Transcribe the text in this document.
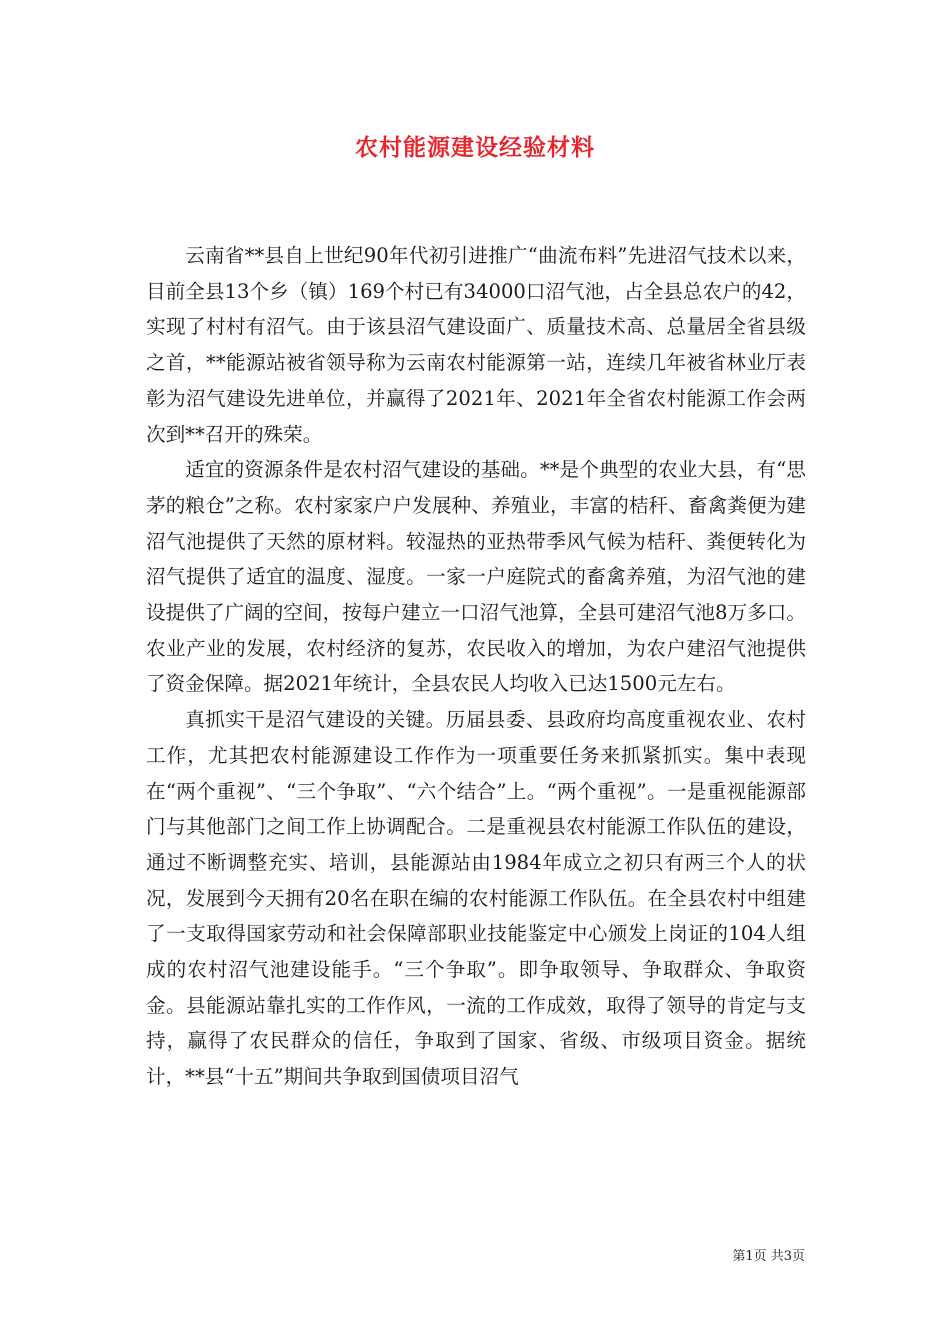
农村能源建设经验材料

云南省**县自上世纪90年代初引进推广“曲流布料”先进沼气技术以来，目前全县13个乡（镇）169个村已有34000口沼气池，占全县总农户的42，实现了村村有沼气。由于该县沼气建设面广、质量技术高、总量居全省县级之首，**能源站被省领导称为云南农村能源第一站，连续几年被省林业厅表彰为沼气建设先进单位，并赢得了2021年、2021年全省农村能源工作会两次到**召开的殊荣。

适宜的资源条件是农村沼气建设的基础。**是个典型的农业大县，有“思茅的粮仓”之称。农村家家户户发展种、养殖业，丰富的桔秆、畜禽粪便为建沼气池提供了天然的原材料。较湿热的亚热带季风气候为桔秆、粪便转化为沼气提供了适宜的温度、湿度。一家一户庭院式的畜禽养殖，为沼气池的建设提供了广阔的空间，按每户建立一口沼气池算，全县可建沼气池8万多口。农业产业的发展，农村经济的复苏，农民收入的增加，为农户建沼气池提供了资金保障。据2021年统计，全县农民人均收入已达1500元左右。

真抓实干是沼气建设的关键。历届县委、县政府均高度重视农业、农村工作，尤其把农村能源建设工作作为一项重要任务来抓紧抓实。集中表现在“两个重视”、“三个争取”、“六个结合”上。“两个重视”。一是重视能源部门与其他部门之间工作上协调配合。二是重视县农村能源工作队伍的建设，通过不断调整充实、培训，县能源站由1984年成立之初只有两三个人的状况，发展到今天拥有20名在职在编的农村能源工作队伍。在全县农村中组建了一支取得国家劳动和社会保障部职业技能鉴定中心颁发上岗证的104人组成的农村沼气池建设能手。“三个争取”。即争取领导、争取群众、争取资金。县能源站靠扎实的工作作风，一流的工作成效，取得了领导的肯定与支持，赢得了农民群众的信任，争取到了国家、省级、市级项目资金。据统计，**县“十五”期间共争取到国债项目沼气

第1页 共3页
